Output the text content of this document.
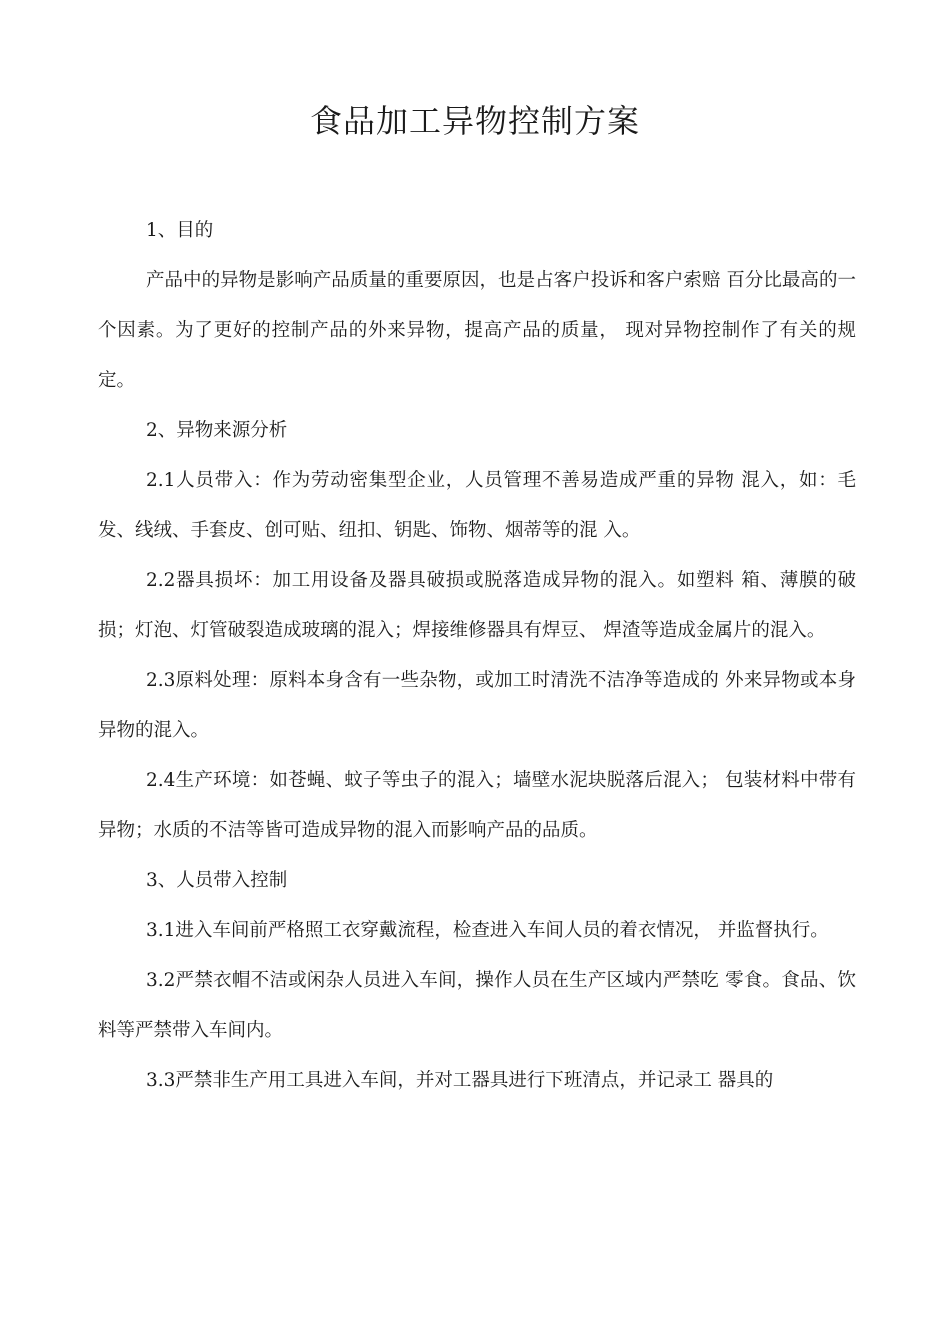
食品加工异物控制方案

1、目的

产品中的异物是影响产品质量的重要原因，也是占客户投诉和客户索赔 百分比最高的一个因素。为了更好的控制产品的外来异物，提高产品的质量， 现对异物控制作了有关的规定。

2、异物来源分析

2.1人员带入：作为劳动密集型企业，人员管理不善易造成严重的异物 混入，如：毛发、线绒、手套皮、创可贴、纽扣、钥匙、饰物、烟蒂等的混 入。

2.2器具损坏：加工用设备及器具破损或脱落造成异物的混入。如塑料 箱、薄膜的破损；灯泡、灯管破裂造成玻璃的混入；焊接维修器具有焊豆、 焊渣等造成金属片的混入。

2.3原料处理：原料本身含有一些杂物，或加工时清洗不洁净等造成的 外来异物或本身异物的混入。

2.4生产环境：如苍蝇、蚊子等虫子的混入；墙壁水泥块脱落后混入； 包装材料中带有异物；水质的不洁等皆可造成异物的混入而影响产品的品质。

3、人员带入控制

3.1进入车间前严格照工衣穿戴流程，检查进入车间人员的着衣情况， 并监督执行。

3.2严禁衣帽不洁或闲杂人员进入车间，操作人员在生产区域内严禁吃 零食。食品、饮料等严禁带入车间内。

3.3严禁非生产用工具进入车间，并对工器具进行下班清点，并记录工 器具的
